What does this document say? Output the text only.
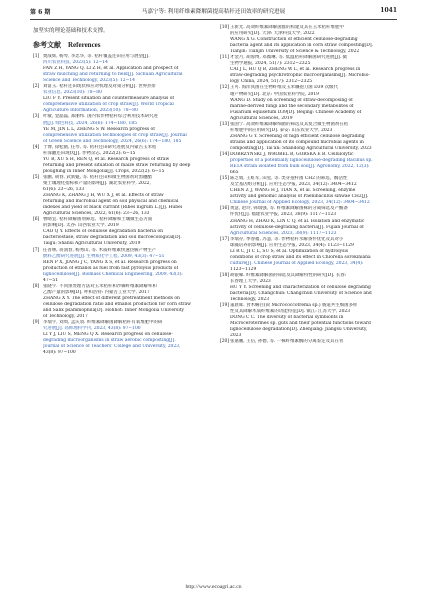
第 6 期	马嘉宁等: 利用纤维素降解菌提高秸秆还田效率的研究进展	1041
加坚实的理论基础和技术支撑。
参考文献　References
[1] 樊战辉, 杨琴, 李忠华, 等. 秸秆覆盖还田应用与展望[J].
四川农业科技, 2023(5): 12−14
FAN Z H, YANG Q, LI Z H, et al. Application and prospect of
straw mulching and returning to field[J]. Sichuan Agricultural
Science and Technology, 2023(5): 12−14
[2] 刘富玉. 秸秆还田现状和应对机理及对策分析[J]. 世界热带
农业信息, 2023(10): 78−80
LIU F Y. Present situation and countermeasure analysis of
comprehensive utilization of crop straw[J]. World Tropical
Agriculture Information, 2023(10): 78−80
[3] 叶敏, 金晶磊, 郑丽纬. 国内农作物秸秆综合利用技术研究进
展[J]. 绿色科技, 2024, 26(6): 174−180, 185
YE M, JIN L L, ZHENG S W. Research progress of
comprehensive utilization technologies of crop straw[J]. Journal
of Green Science and Technology, 2024, 26(6): 174−180, 185
[4] 于博, 徐松鹤, 任琴, 等. 秸秆还田研究进展及内蒙古玉米秸
秆深翻还田现状[J]. 作物杂志, 2022(2): 6−15
YU B, XU S H, REN Q, et al. Research progress of straw
returning and present situation of maize straw returning by deep
ploughing in Inner Mongolia[J]. Crops, 2022(2): 6−15
[5] 张鹏, 胡春, 武新魁, 等. 秸秆还田和微生物菌剂对黑穗醋
栗土壤理化指标和产量的影响[J]. 湖北农业科学, 2022,
61(6): 23−26, 133
ZHANG K, ZHANG J H, WU X J, et al. Effects of straw
returning and microbial agent on soil physical and chemical
indexes and yield of black currant (Ribes nigrum L.)[J]. Hubei
Agricultural Sciences, 2022, 61(6): 23−26, 133
[6] 曹晴宜. 秸秆降解菌剂筛选、秸秆降解和土壤微生态方面
的影响[D]. 太谷: 山西农业大学, 2019
CAO Q Y. Effects of cellulose degradation bacteria on
bacteriostase, straw degradation and soil microecological[D].
Taigu: Shanxi Agricultural University, 2019
[7] 任普林, 蒋润春, 杨秀山, 等. 木质纤维素快速热解产物生产
燃料乙醇研究进展[J]. 生物质化学工程, 2009, 43(3): 47−51
REN P X, JIANG J C, YANG X S, et al. Research progress on
production of ethanol as fuel from fast pyrolysis products of
lignocellulose[J]. Biomass Chemical Engineering, 2009, 43(3):
47−51
[8] 张晓宇. 不同预处理方法对玉米秸秆和沙棘纤维素降解率和
乙醇产量的影响[D]. 呼和浩特: 内蒙古工业大学, 2017
ZHANG X Y. The effect of different pretreatment methods on
cellulose degradation ratio and ethanol production for corn straw
and Salix psammophila[D]. Hohhot: Inner Mongolia University
of Technology, 2017
[9] 李瑞宇, 刘周, 孟庆羽. 纤维素降解菌降解秸秆有氧堆肥中的研
究进展[J]. 高师理科学刊, 2023, 43(8): 97−100
LI Y J, LIU S, MENG Q X. Research progress on cellulose-
degrading microorganisms in straw aerobic composting[J].
Journal of Science of Teachers' College and University, 2023,
43(8): 97−100
[10] 王新光. 高效纤维素降解菌群的构建及其在玉米秸秆堆肥中
的应用研究[D]. 天津: 天津科技大学, 2022
WANG X G. Construction of efficient cellulose-degrading
bacteria agent and its application in corn straw composting[D].
Tianjin: Tianjin University of Science & Technology, 2022
[11] 才金月, 胡蓉博, 邓薇琳, 等. 低温秸秆降解菌研究进展[J]. 微
生物学通报, 2024, 51(7): 2312−2325
CAI J L, HU Q B, ZHENG W L, et al. Research progress in
straw-degrading psychrotrophic microorganisms[J]. Microbio-
logy China, 2024, 51(7): 2312−2325
[12] 王可. 海洋真菌在生物纤维及玉米镰孢刀菌 D39 次级代
谢产物研究[D]. 北京: 中国农业科学院, 2019
WANG D. Study on screening of straw-decomposing of
marine-derived fungi and the secondary metabolites of
Fusarium equisetum D39[D]. Beijing: Chinese Academy of
Agricultural Sciences, 2019
[13] 张国宁. 高效纤维素降解细菌的筛选及其复合微生物菌剂在秸
秆堆肥中的应用研究[D]. 泰安: 山东农业大学, 2023
ZHANG G Y. Screening of high efficient cellulose degrading
strains and application of its compound microbial agents in
composting[D]. Tai'an: Shandong Agricultural University, 2023
[14] DOBRZYŃSKI J, WRÓBEL B, GÓRSKA E B. Cellulolytic
properties of a potentially lignocellulose-degrading Bacillus sp.
RE1A strain isolated from bulk soil[J]. Agronomy, 2022, 12(3):
665
[15] 陈芝娟, 王虹军, 田星, 等. 类芽孢杆菌 CH2 的筛选、酶活性
及全基因组分析[J]. 应用生态学报, 2023, 34(12): 3404−3412
CHEN Z J, WANG H J, TIAN X, et al. Screening, enzyme
activity and genomic analysis of Paenibacillus sihwae CH2[J].
Chinese Journal of Applied Ecology, 2023, 34(12): 3404−3412
[16] 黄慧, 赵玲, 韩瑞强, 等. 纤维素降解菌株的分离筛选及产酶条
件优化[J]. 福建农业学报, 2023, 38(9): 1117−1123
ZHANG H, ZHAO K, LIN C Q, et al. Isolation and enzymatic
activity of cellulose-degrading bacteria[J]. Fujian Journal of
Agricultural Sciences, 2023, 38(9): 1117−1123
[17] 李瑞存, 季春福, 苏慧, 等. 作物秸秆水解条件优化及其对小
球藻培养的影响[J]. 应用生态学报, 2023, 34(4): 1123−1129
LI R C, JI C L, SU S, et al. Optimization of hydrolysis
conditions of crop straw and its effect in Chlorella sorokiniana
culture[J]. Chinese Journal of Applied Ecology, 2023, 34(4):
1123−1129
[18] 胡银娣. 纤维素降解菌的筛选及其降解特性的研究[D]. 长春:
长春理工大学, 2023
HU Y Y. Screening and characterization of cellulose degrading
bacteria[D]. Changchun: Changchun University of Science and
Technology, 2023
[19] 董晨晖. 食木螨目(叙 Micrococcotrema sp.) 肠道共生细菌多样
性及其降解木质纤维素的功能特征[D]. 镇江: 江苏大学, 2023
DONG C C. The diversity of bacterial symbionts in
Microcerotermes sp. guts and their potential functions toward
lignocellulose degradation[D]. Zhenjiang: Jiangsu University,
2023
[20] 张嘉鹏, 王信, 孙德, 等. 一株纤维素酶的分离鉴定及其在青
http://www.ecoagri.ac.cn
